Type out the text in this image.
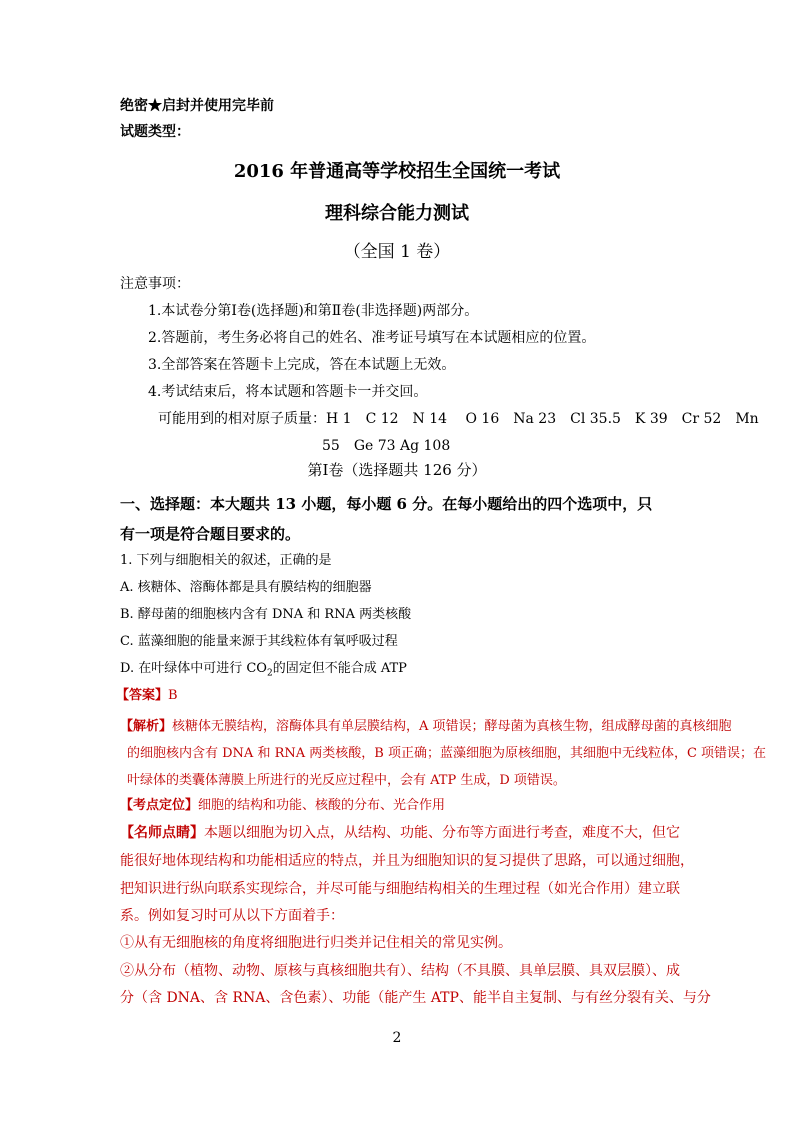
绝密★启封并使用完毕前
试题类型：
2016 年普通高等学校招生全国统一考试
理科综合能力测试
（全国 1 卷）
注意事项：
1.本试卷分第Ⅰ卷(选择题)和第Ⅱ卷(非选择题)两部分。
2.答题前，考生务必将自己的姓名、准考证号填写在本试题相应的位置。
3.全部答案在答题卡上完成，答在本试题上无效。
4.考试结束后，将本试题和答题卡一并交回。
可能用到的相对原子质量：H 1　C 12　N 14　 O 16　Na 23　Cl 35.5　K 39　Cr 52　Mn
55　Ge 73 Ag 108
第Ⅰ卷（选择题共 126 分）
一、选择题：本大题共 13 小题，每小题 6 分。在每小题给出的四个选项中，只
有一项是符合题目要求的。
1. 下列与细胞相关的叙述，正确的是
A. 核糖体、溶酶体都是具有膜结构的细胞器
B. 酵母菌的细胞核内含有 DNA 和 RNA 两类核酸
C. 蓝藻细胞的能量来源于其线粒体有氧呼吸过程
D. 在叶绿体中可进行 $CO_2$的固定但不能合成 ATP
【答案】B
【解析】核糖体无膜结构，溶酶体具有单层膜结构，A 项错误；酵母菌为真核生物，组成酵母菌的真核细胞
的细胞核内含有 DNA 和 RNA 两类核酸，B 项正确；蓝藻细胞为原核细胞，其细胞中无线粒体，C 项错误；在
叶绿体的类囊体薄膜上所进行的光反应过程中，会有 ATP 生成，D 项错误。
【考点定位】细胞的结构和功能、核酸的分布、光合作用
【名师点睛】本题以细胞为切入点，从结构、功能、分布等方面进行考查，难度不大，但它
能很好地体现结构和功能相适应的特点，并且为细胞知识的复习提供了思路，可以通过细胞，
把知识进行纵向联系实现综合，并尽可能与细胞结构相关的生理过程（如光合作用）建立联
系。例如复习时可从以下方面着手：
①从有无细胞核的角度将细胞进行归类并记住相关的常见实例。
②从分布（植物、动物、原核与真核细胞共有）、结构（不具膜、具单层膜、具双层膜）、成
分（含 DNA、含 RNA、含色素）、功能（能产生 ATP、能半自主复制、与有丝分裂有关、与分
2
